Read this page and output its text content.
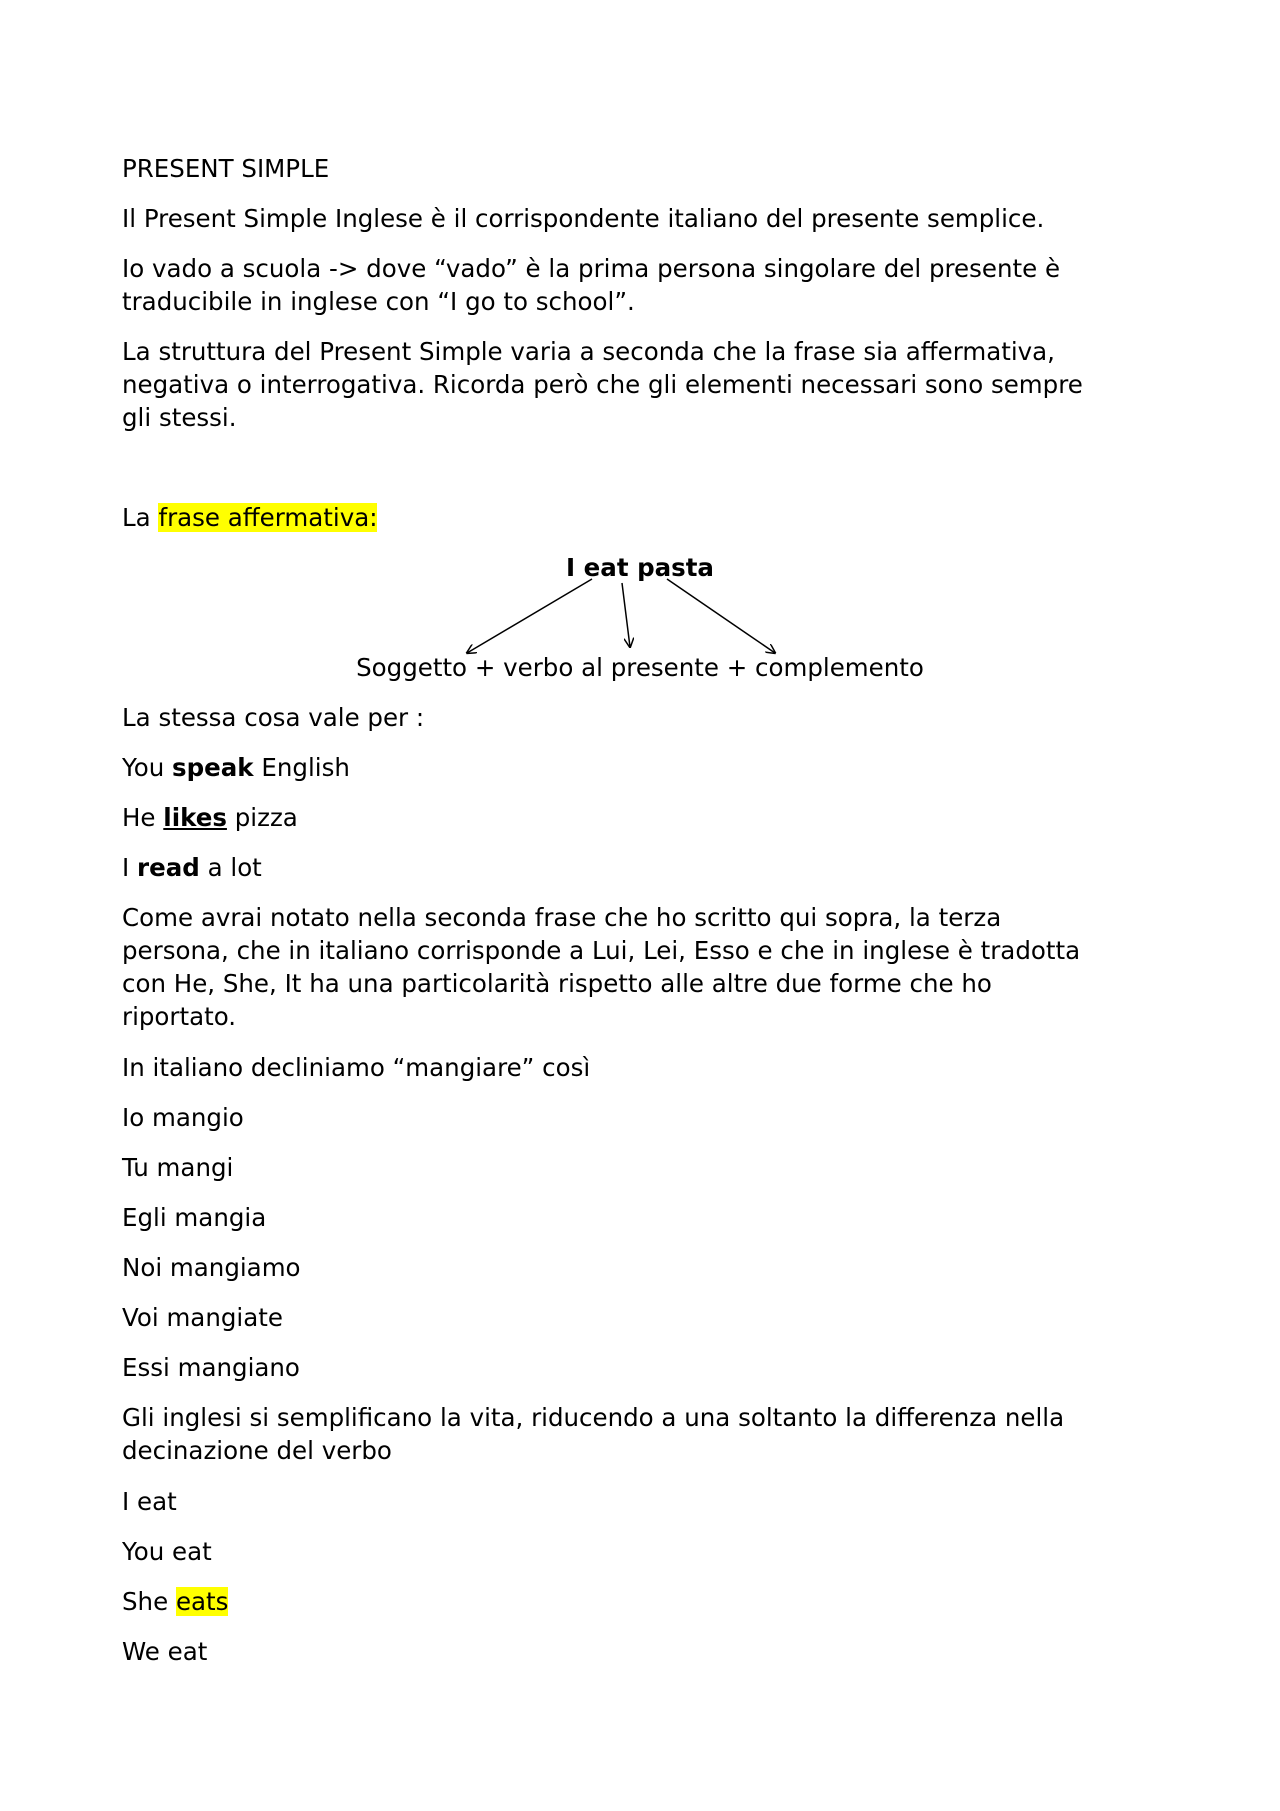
PRESENT SIMPLE

Il Present Simple Inglese è il corrispondente italiano del presente semplice.

Io vado a scuola -> dove “vado” è la prima persona singolare del presente è

traducibile in inglese con “I go to school”.

La struttura del Present Simple varia a seconda che la frase sia affermativa,

negativa o interrogativa. Ricorda però che gli elementi necessari sono sempre

gli stessi.

La frase affermativa:

I eat pasta
Soggetto + verbo al presente + complemento

La stessa cosa vale per :

You speak English

He likes pizza

I read a lot

Come avrai notato nella seconda frase che ho scritto qui sopra, la terza

persona, che in italiano corrisponde a Lui, Lei, Esso e che in inglese è tradotta

con He, She, It ha una particolarità rispetto alle altre due forme che ho

riportato.

In italiano decliniamo “mangiare” così

Io mangio

Tu mangi

Egli mangia

Noi mangiamo

Voi mangiate

Essi mangiano

Gli inglesi si semplificano la vita, riducendo a una soltanto la differenza nella

decinazione del verbo

I eat

You eat

She eats

We eat
